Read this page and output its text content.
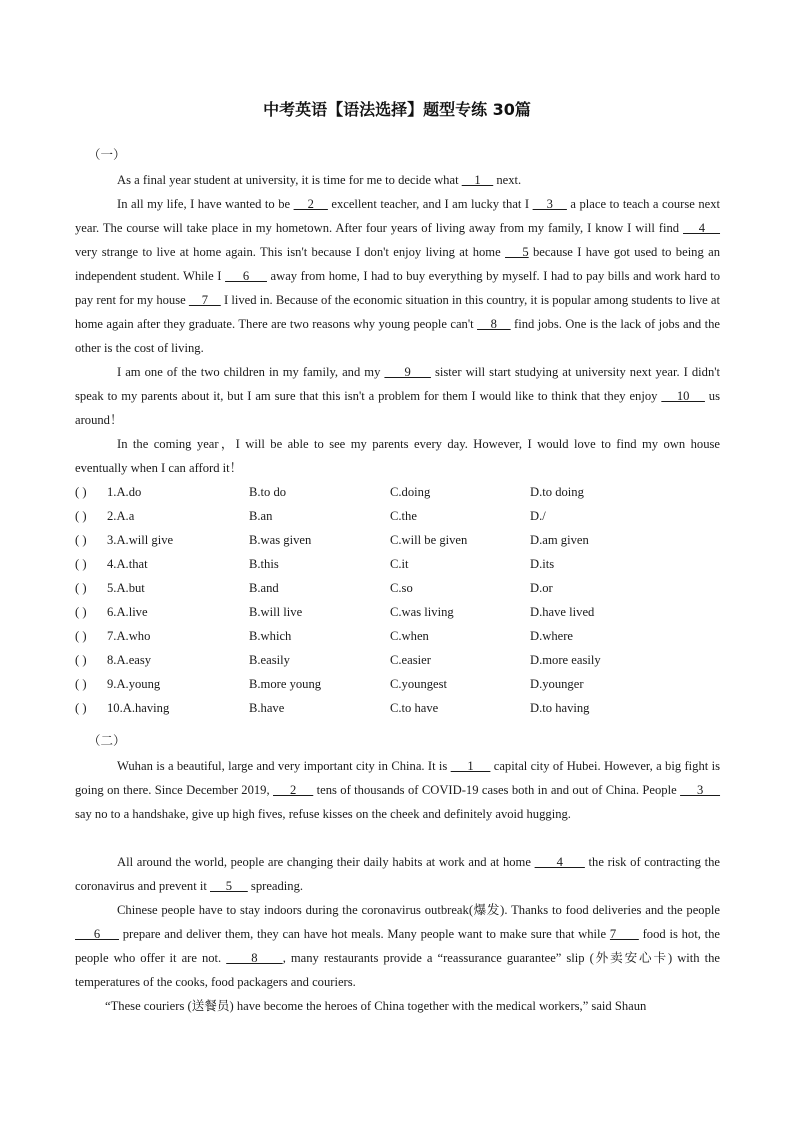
中考英语【语法选择】题型专练 30篇
（一）
As a final year student at university, it is time for me to decide what     1     next.
In all my life, I have wanted to be     2     excellent teacher, and I am lucky that I     3     a place to teach a course next year. The course will take place in my hometown. After four years of living away from my family, I know I will find     4     very strange to live at home again. This isn't because I don't enjoy living at home     5 because I have got used to being an independent student. While I      6      away from home, I had to buy everything by myself. I had to pay bills and work hard to pay rent for my house     7     I lived in. Because of the economic situation in this country, it is popular among students to live at home again after they graduate. There are two reasons why young people can't     8     find jobs. One is the lack of jobs and the other is the cost of living.
I am one of the two children in my family, and my      9      sister will start studying at university next year. I didn't speak to my parents about it, but I am sure that this isn't a problem for them I would like to think that they enjoy     10     us around！
In the coming year，I will be able to see my parents every day. However, I would love to find my own house eventually when I can afford it！
( ) 1.A.do	B.to do	C.doing	D.to doing
( ) 2.A.a	B.an	C.the	D./
( ) 3.A.will give	B.was given	C.will be given	D.am given
( ) 4.A.that	B.this	C.it	D.its
( ) 5.A.but	B.and	C.so	D.or
( ) 6.A.live	B.will live	C.was living	D.have lived
( ) 7.A.who	B.which	C.when	D.where
( ) 8.A.easy	B.easily	C.easier	D.more easily
( ) 9.A.young	B.more young	C.youngest	D.younger
( ) 10.A.having	B.have	C.to have	D.to having
（二）
Wuhan is a beautiful, large and very important city in China. It is      1      capital city of Hubei. However, a big fight is going on there. Since December 2019,      2      tens of thousands of COVID-19 cases both in and out of China. People      3      say no to a handshake, give up high fives, refuse kisses on the cheek and definitely avoid hugging.
All around the world, people are changing their daily habits at work and at home       4       the risk of contracting the coronavirus and prevent it      5      spreading.
Chinese people have to stay indoors during the coronavirus outbreak(爆发). Thanks to food deliveries and the people      6      prepare and deliver them, they can have hot meals. Many people want to make sure that while 7       food is hot, the people who offer it are not.      8     , many restaurants provide a “reassurance guarantee” slip (外卖安心卡) with the temperatures of the cooks, food packagers and couriers.
“These couriers (送餐员) have become the heroes of China together with the medical workers,” said Shaun
